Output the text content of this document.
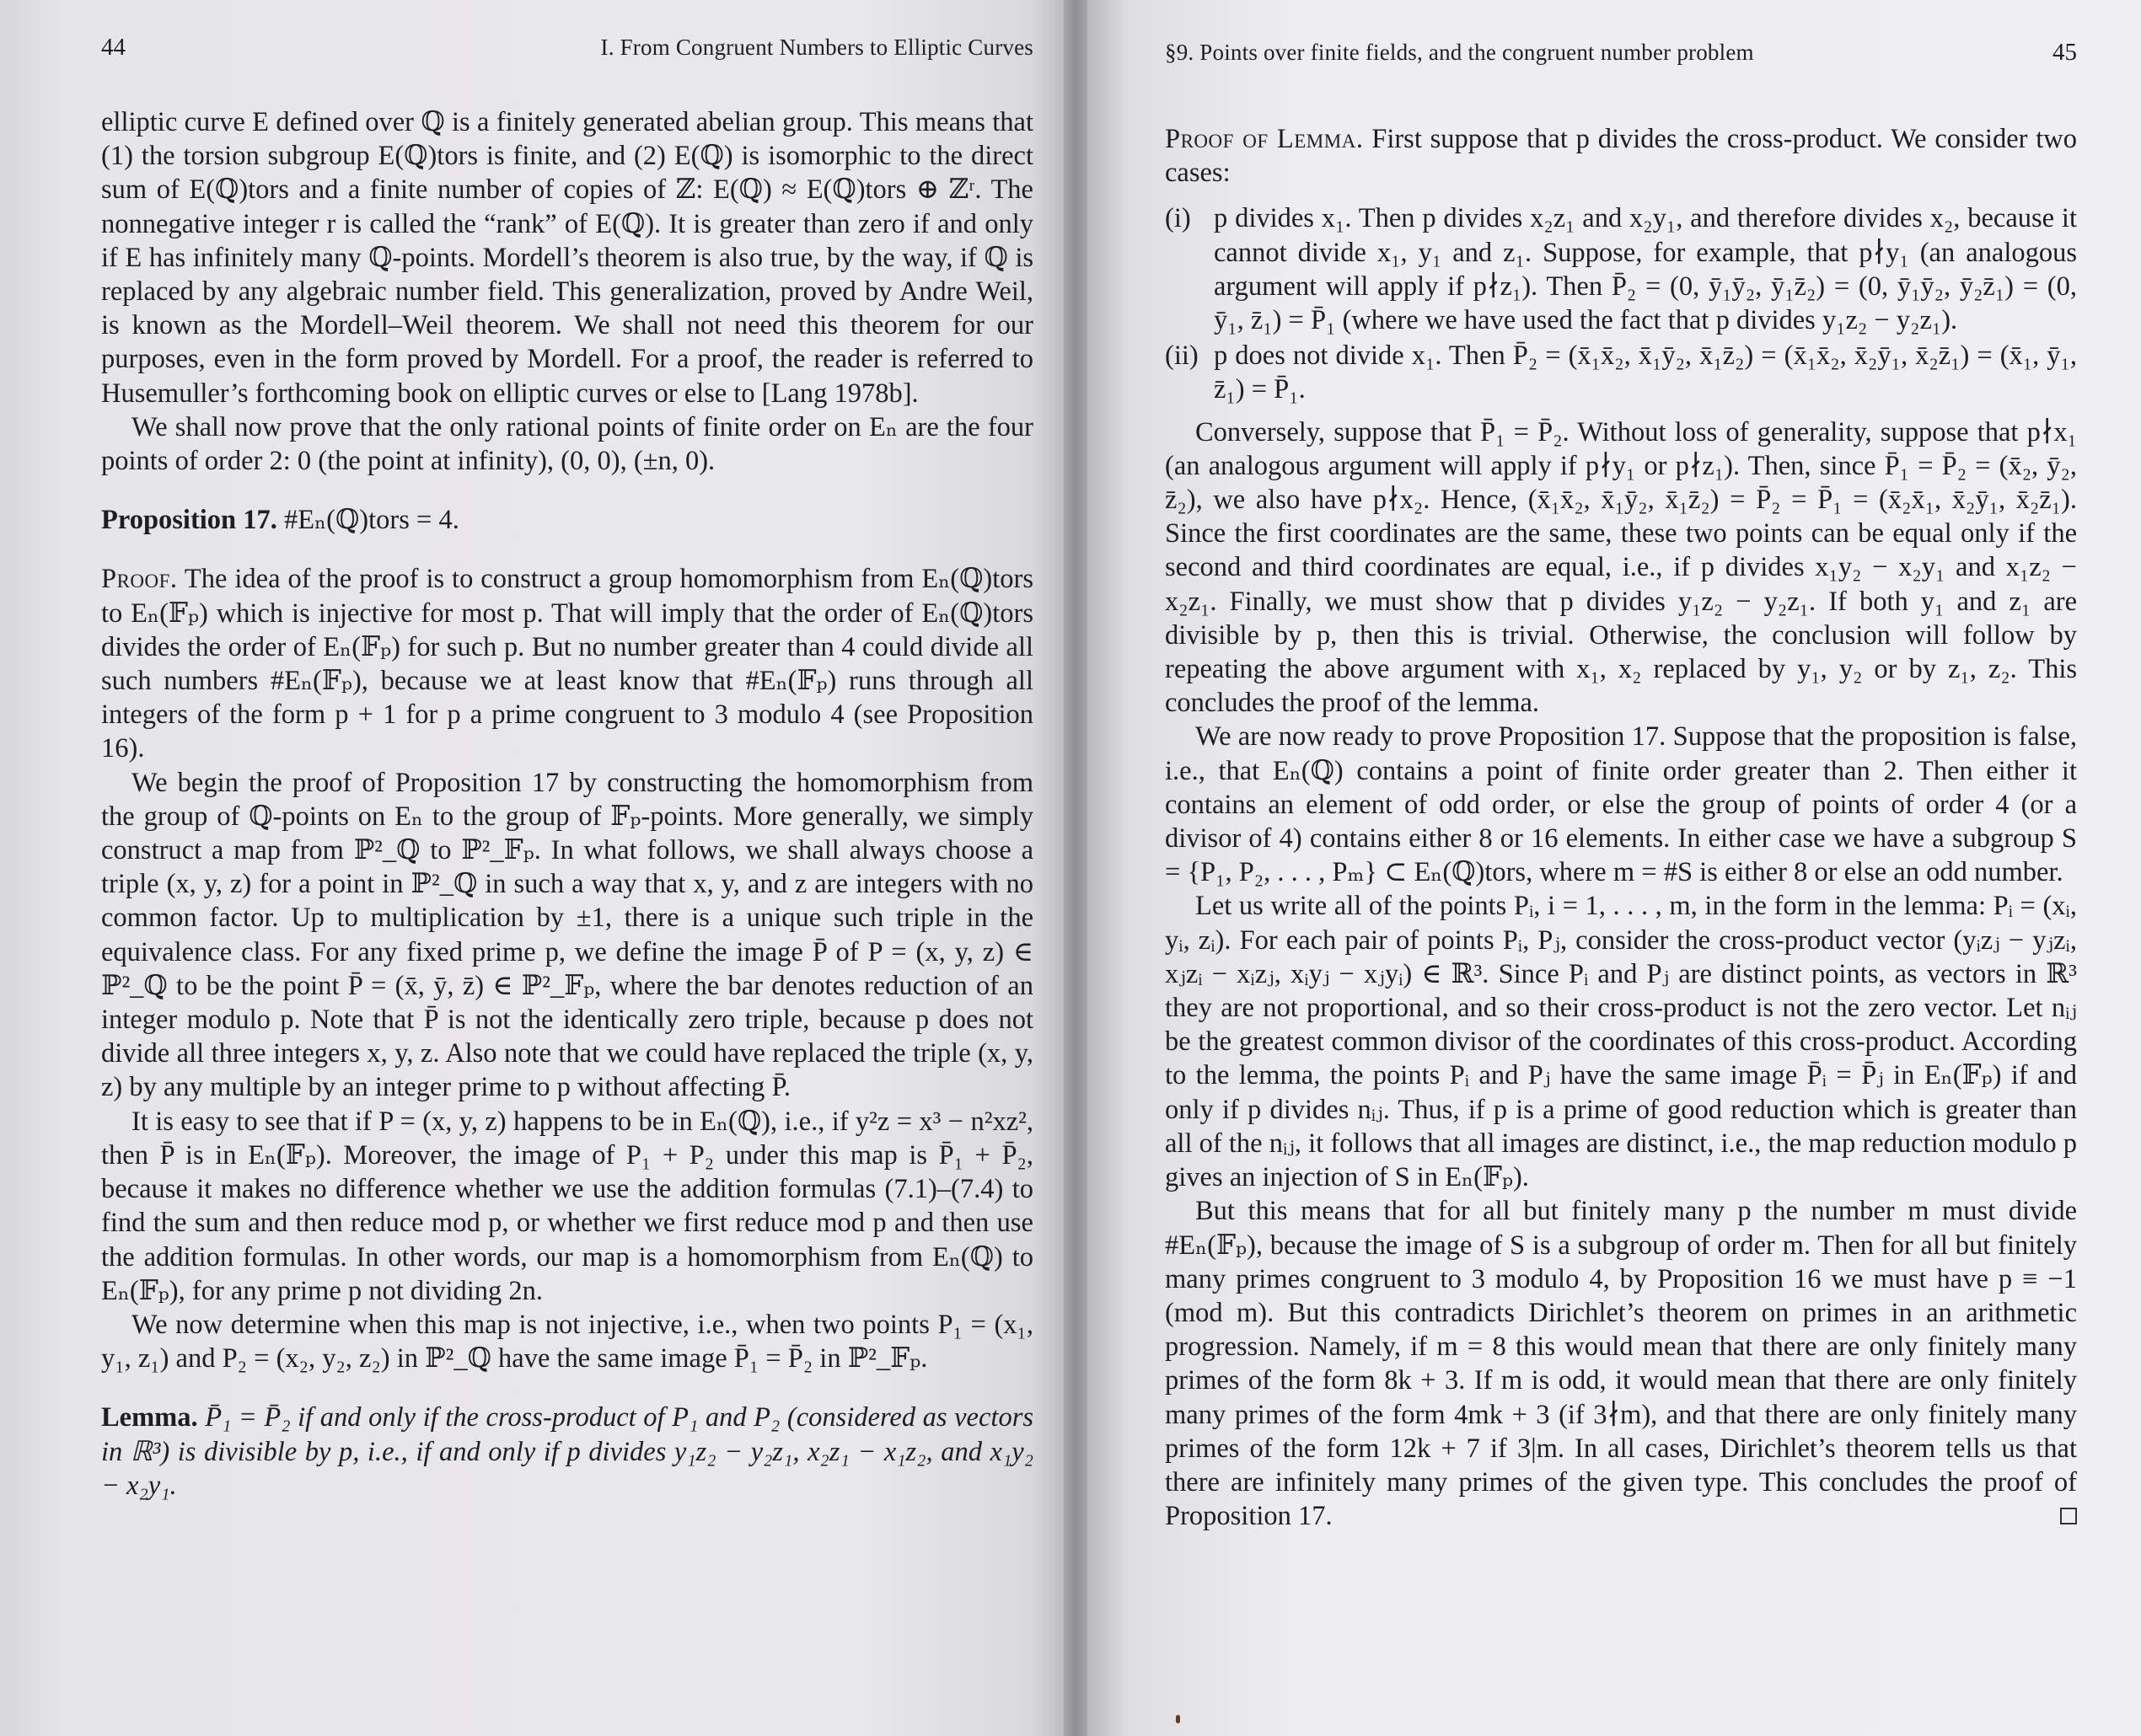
44	I. From Congruent Numbers to Elliptic Curves

elliptic curve E defined over ℚ is a finitely generated abelian group. This means that (1) the torsion subgroup E(ℚ)tors is finite, and (2) E(ℚ) is isomorphic to the direct sum of E(ℚ)tors and a finite number of copies of ℤ: E(ℚ) ≈ E(ℚ)tors ⊕ ℤʳ. The nonnegative integer r is called the “rank” of E(ℚ). It is greater than zero if and only if E has infinitely many ℚ-points. Mordell’s theorem is also true, by the way, if ℚ is replaced by any algebraic number field. This generalization, proved by Andre Weil, is known as the Mordell–Weil theorem. We shall not need this theorem for our purposes, even in the form proved by Mordell. For a proof, the reader is referred to Husemuller’s forthcoming book on elliptic curves or else to [Lang 1978b].

We shall now prove that the only rational points of finite order on Eₙ are the four points of order 2: 0 (the point at infinity), (0, 0), (±n, 0).

Proposition 17. #Eₙ(ℚ)tors = 4.

Proof. The idea of the proof is to construct a group homomorphism from Eₙ(ℚ)tors to Eₙ(𝔽ₚ) which is injective for most p. That will imply that the order of Eₙ(ℚ)tors divides the order of Eₙ(𝔽ₚ) for such p. But no number greater than 4 could divide all such numbers #Eₙ(𝔽ₚ), because we at least know that #Eₙ(𝔽ₚ) runs through all integers of the form p + 1 for p a prime congruent to 3 modulo 4 (see Proposition 16).

We begin the proof of Proposition 17 by constructing the homomorphism from the group of ℚ-points on Eₙ to the group of 𝔽ₚ-points. More generally, we simply construct a map from ℙ²_ℚ to ℙ²_𝔽ₚ. In what follows, we shall always choose a triple (x, y, z) for a point in ℙ²_ℚ in such a way that x, y, and z are integers with no common factor. Up to multiplication by ±1, there is a unique such triple in the equivalence class. For any fixed prime p, we define the image P̄ of P = (x, y, z) ∈ ℙ²_ℚ to be the point P̄ = (x̄, ȳ, z̄) ∈ ℙ²_𝔽ₚ, where the bar denotes reduction of an integer modulo p. Note that P̄ is not the identically zero triple, because p does not divide all three integers x, y, z. Also note that we could have replaced the triple (x, y, z) by any multiple by an integer prime to p without affecting P̄.

It is easy to see that if P = (x, y, z) happens to be in Eₙ(ℚ), i.e., if y²z = x³ − n²xz², then P̄ is in Eₙ(𝔽ₚ). Moreover, the image of P₁ + P₂ under this map is P̄₁ + P̄₂, because it makes no difference whether we use the addition formulas (7.1)–(7.4) to find the sum and then reduce mod p, or whether we first reduce mod p and then use the addition formulas. In other words, our map is a homomorphism from Eₙ(ℚ) to Eₙ(𝔽ₚ), for any prime p not dividing 2n.

We now determine when this map is not injective, i.e., when two points P₁ = (x₁, y₁, z₁) and P₂ = (x₂, y₂, z₂) in ℙ²_ℚ have the same image P̄₁ = P̄₂ in ℙ²_𝔽ₚ.

Lemma. P̄₁ = P̄₂ if and only if the cross-product of P₁ and P₂ (considered as vectors in ℝ³) is divisible by p, i.e., if and only if p divides y₁z₂ − y₂z₁, x₂z₁ − x₁z₂, and x₁y₂ − x₂y₁.

§9. Points over finite fields, and the congruent number problem	45

Proof of Lemma. First suppose that p divides the cross-product. We consider two cases:

(i) p divides x₁. Then p divides x₂z₁ and x₂y₁, and therefore divides x₂, because it cannot divide x₁, y₁ and z₁. Suppose, for example, that p∤y₁ (an analogous argument will apply if p∤z₁). Then P̄₂ = (0, ȳ₁ȳ₂, ȳ₁z̄₂) = (0, ȳ₁ȳ₂, ȳ₂z̄₁) = (0, ȳ₁, z̄₁) = P̄₁ (where we have used the fact that p divides y₁z₂ − y₂z₁).
(ii) p does not divide x₁. Then P̄₂ = (x̄₁x̄₂, x̄₁ȳ₂, x̄₁z̄₂) = (x̄₁x̄₂, x̄₂ȳ₁, x̄₂z̄₁) = (x̄₁, ȳ₁, z̄₁) = P̄₁.

Conversely, suppose that P̄₁ = P̄₂. Without loss of generality, suppose that p∤x₁ (an analogous argument will apply if p∤y₁ or p∤z₁). Then, since P̄₁ = P̄₂ = (x̄₂, ȳ₂, z̄₂), we also have p∤x₂. Hence, (x̄₁x̄₂, x̄₁ȳ₂, x̄₁z̄₂) = P̄₂ = P̄₁ = (x̄₂x̄₁, x̄₂ȳ₁, x̄₂z̄₁). Since the first coordinates are the same, these two points can be equal only if the second and third coordinates are equal, i.e., if p divides x₁y₂ − x₂y₁ and x₁z₂ − x₂z₁. Finally, we must show that p divides y₁z₂ − y₂z₁. If both y₁ and z₁ are divisible by p, then this is trivial. Otherwise, the conclusion will follow by repeating the above argument with x₁, x₂ replaced by y₁, y₂ or by z₁, z₂. This concludes the proof of the lemma.

We are now ready to prove Proposition 17. Suppose that the proposition is false, i.e., that Eₙ(ℚ) contains a point of finite order greater than 2. Then either it contains an element of odd order, or else the group of points of order 4 (or a divisor of 4) contains either 8 or 16 elements. In either case we have a subgroup S = {P₁, P₂, . . . , Pₘ} ⊂ Eₙ(ℚ)tors, where m = #S is either 8 or else an odd number.

Let us write all of the points Pᵢ, i = 1, . . . , m, in the form in the lemma: Pᵢ = (xᵢ, yᵢ, zᵢ). For each pair of points Pᵢ, Pⱼ, consider the cross-product vector (yᵢzⱼ − yⱼzᵢ, xⱼzᵢ − xᵢzⱼ, xᵢyⱼ − xⱼyᵢ) ∈ ℝ³. Since Pᵢ and Pⱼ are distinct points, as vectors in ℝ³ they are not proportional, and so their cross-product is not the zero vector. Let nᵢⱼ be the greatest common divisor of the coordinates of this cross-product. According to the lemma, the points Pᵢ and Pⱼ have the same image P̄ᵢ = P̄ⱼ in Eₙ(𝔽ₚ) if and only if p divides nᵢⱼ. Thus, if p is a prime of good reduction which is greater than all of the nᵢⱼ, it follows that all images are distinct, i.e., the map reduction modulo p gives an injection of S in Eₙ(𝔽ₚ).

But this means that for all but finitely many p the number m must divide #Eₙ(𝔽ₚ), because the image of S is a subgroup of order m. Then for all but finitely many primes congruent to 3 modulo 4, by Proposition 16 we must have p ≡ −1 (mod m). But this contradicts Dirichlet’s theorem on primes in an arithmetic progression. Namely, if m = 8 this would mean that there are only finitely many primes of the form 8k + 3. If m is odd, it would mean that there are only finitely many primes of the form 4mk + 3 (if 3∤m), and that there are only finitely many primes of the form 12k + 7 if 3|m. In all cases, Dirichlet’s theorem tells us that there are infinitely many primes of the given type. This concludes the proof of Proposition 17.
